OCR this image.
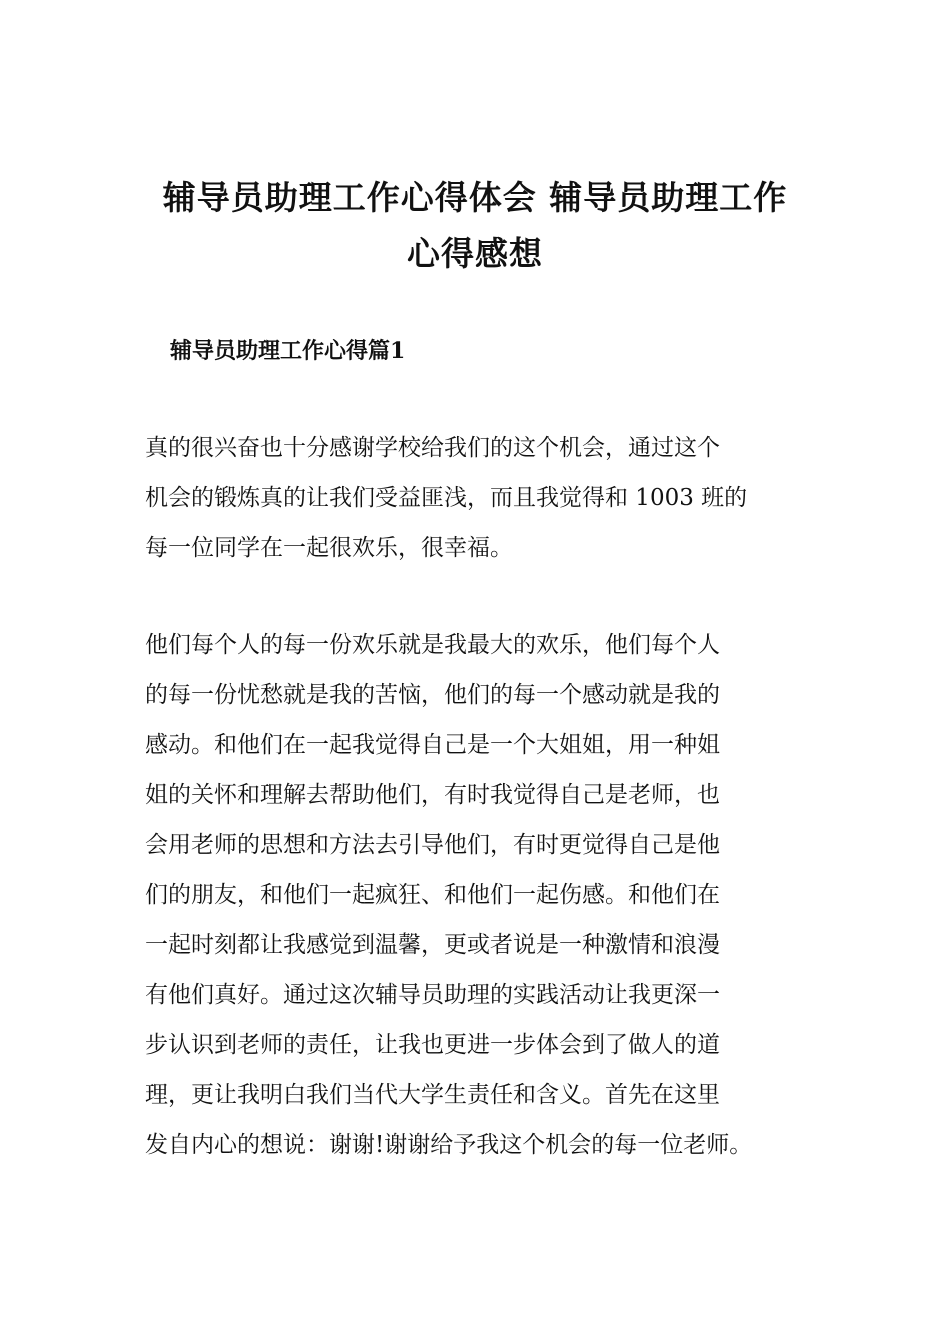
辅导员助理工作心得体会 辅导员助理工作
心得感想
辅导员助理工作心得篇1

真的很兴奋也十分感谢学校给我们的这个机会，通过这个
机会的锻炼真的让我们受益匪浅，而且我觉得和 1003 班的
每一位同学在一起很欢乐，很幸福。

他们每个人的每一份欢乐就是我最大的欢乐，他们每个人
的每一份忧愁就是我的苦恼，他们的每一个感动就是我的
感动。和他们在一起我觉得自己是一个大姐姐，用一种姐
姐的关怀和理解去帮助他们，有时我觉得自己是老师，也
会用老师的思想和方法去引导他们，有时更觉得自己是他
们的朋友，和他们一起疯狂、和他们一起伤感。和他们在
一起时刻都让我感觉到温馨，更或者说是一种激情和浪漫
有他们真好。通过这次辅导员助理的实践活动让我更深一
步认识到老师的责任，让我也更进一步体会到了做人的道
理，更让我明白我们当代大学生责任和含义。首先在这里
发自内心的想说：谢谢!谢谢给予我这个机会的每一位老师。
